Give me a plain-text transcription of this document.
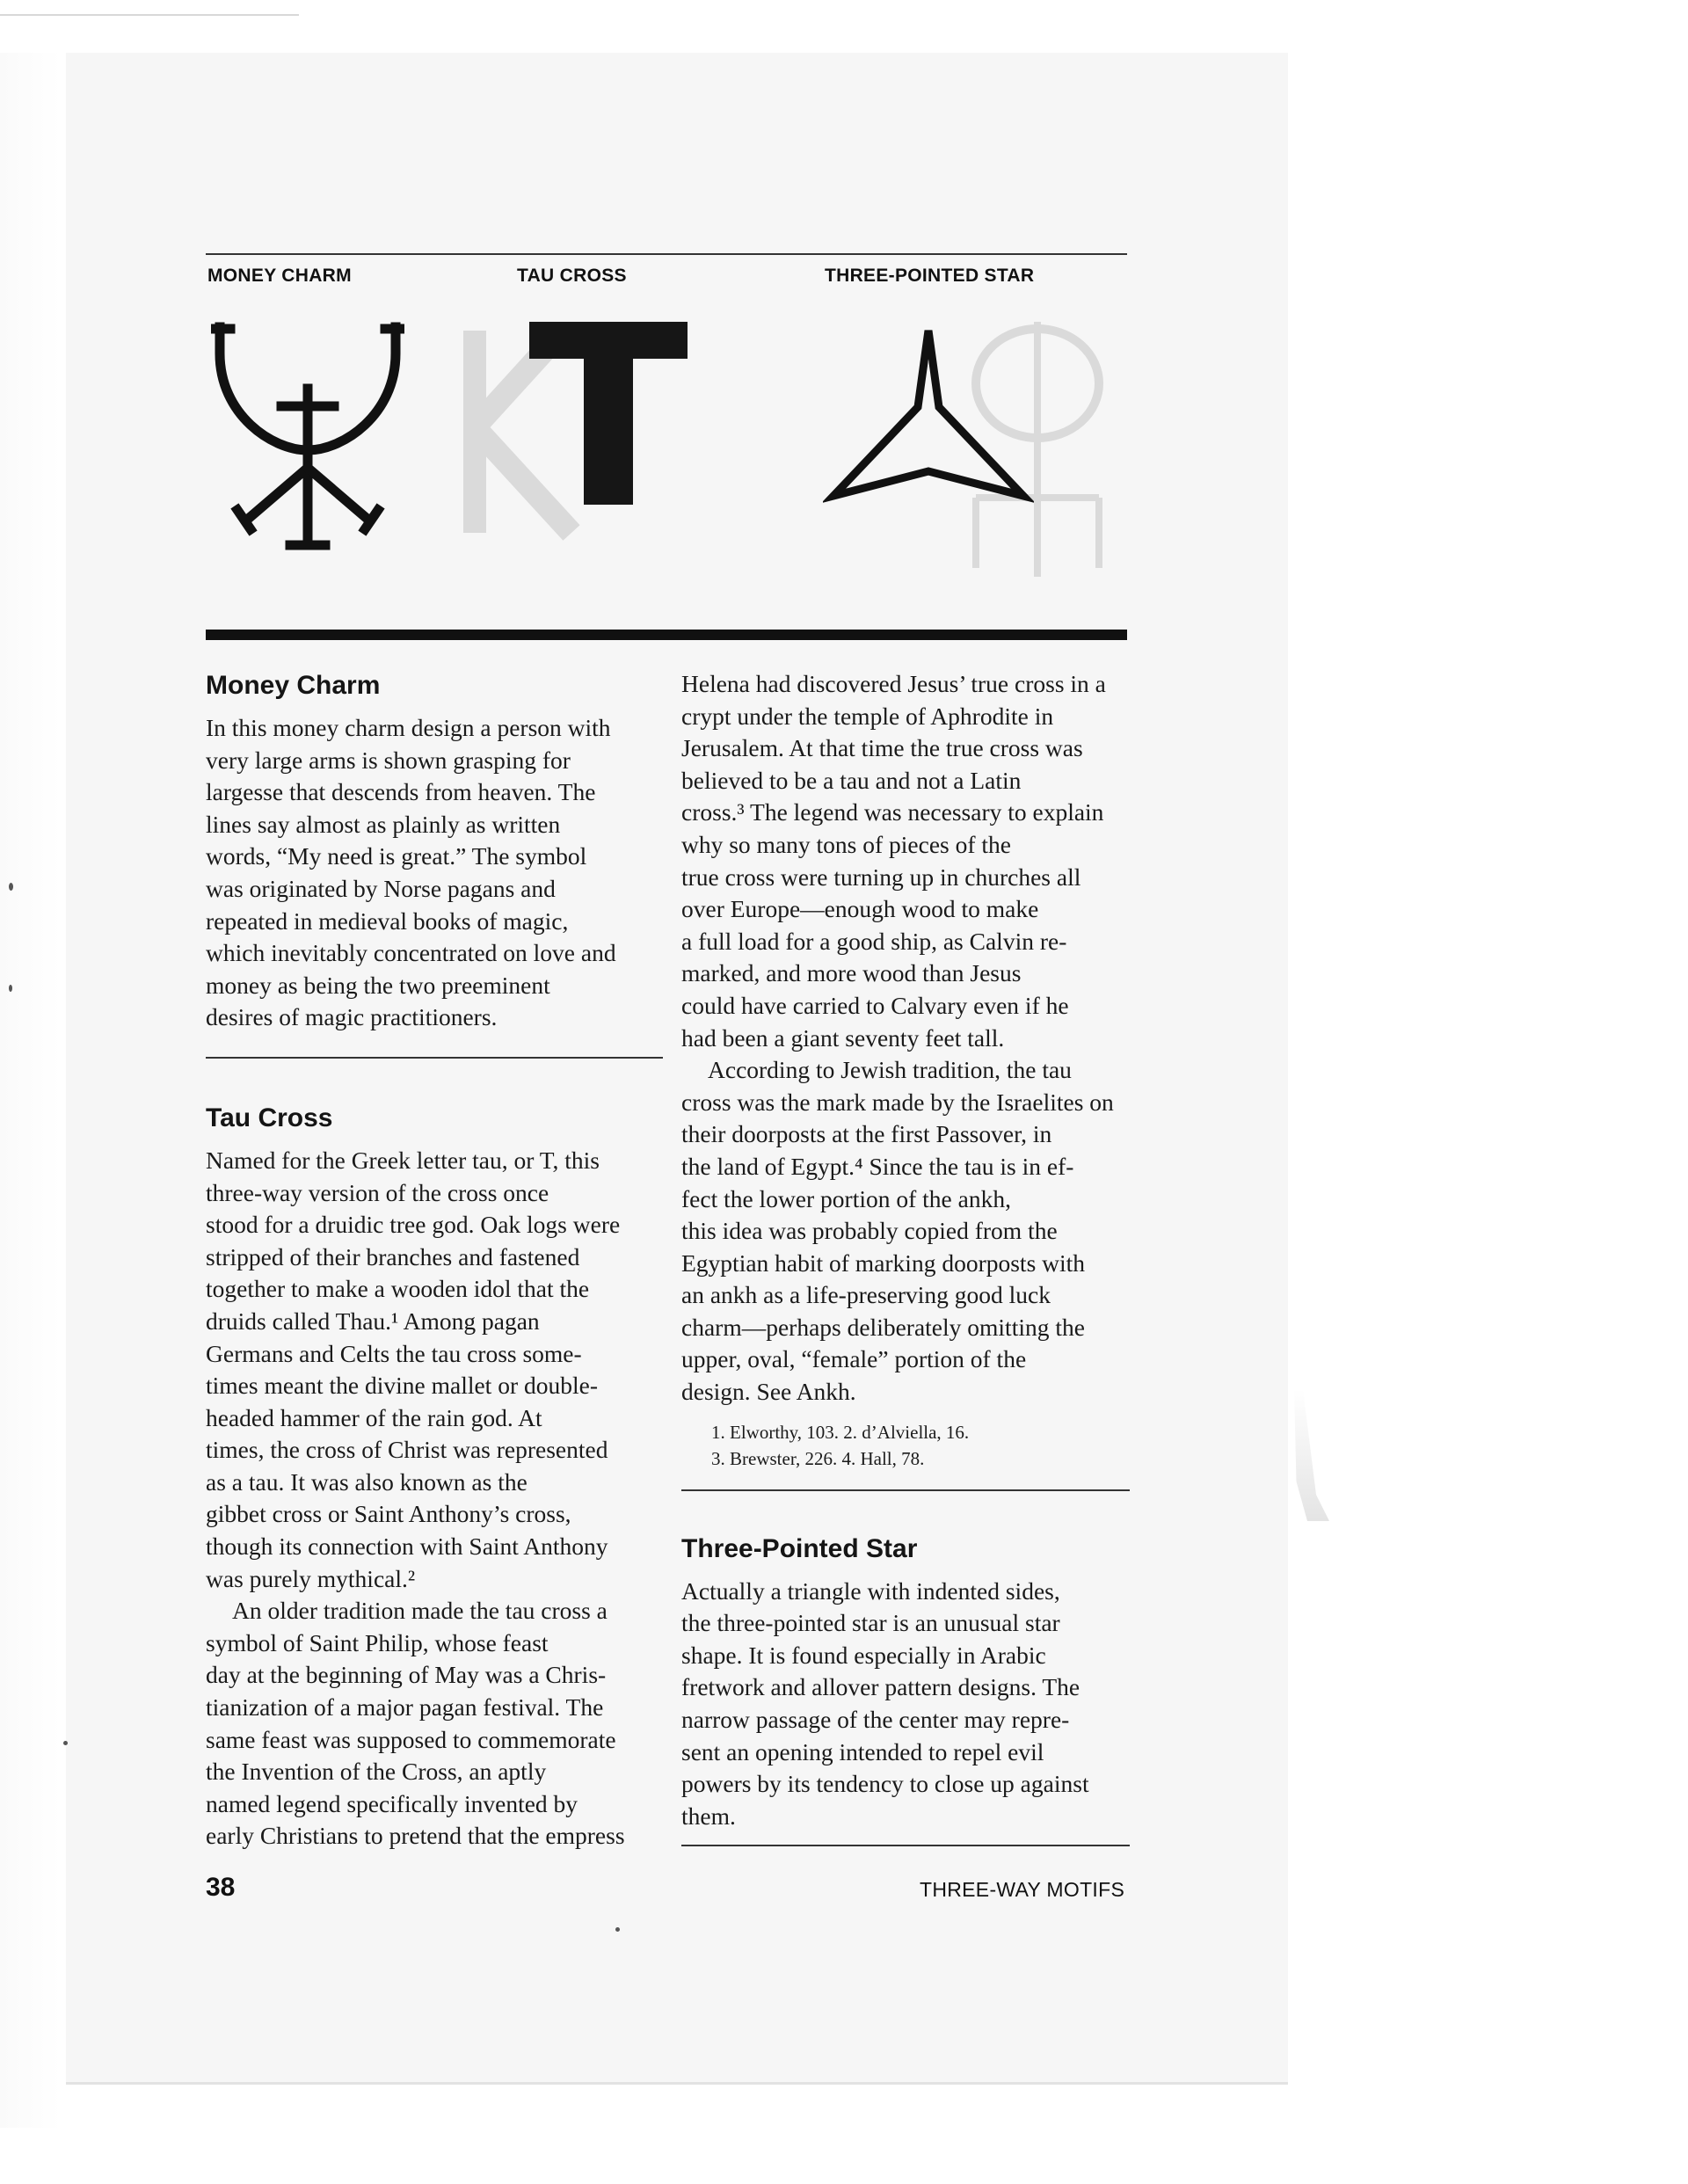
MONEY CHARM	TAU CROSS	THREE-POINTED STAR
Money Charm
In this money charm design a person with
very large arms is shown grasping for
largesse that descends from heaven. The
lines say almost as plainly as written
words, “My need is great.” The symbol
was originated by Norse pagans and
repeated in medieval books of magic,
which inevitably concentrated on love and
money as being the two preeminent
desires of magic practitioners.
Tau Cross
Named for the Greek letter tau, or T, this
three-way version of the cross once
stood for a druidic tree god. Oak logs were
stripped of their branches and fastened
together to make a wooden idol that the
druids called Thau.¹ Among pagan
Germans and Celts the tau cross some-
times meant the divine mallet or double-
headed hammer of the rain god. At
times, the cross of Christ was represented
as a tau. It was also known as the
gibbet cross or Saint Anthony’s cross,
though its connection with Saint Anthony
was purely mythical.²
An older tradition made the tau cross a
symbol of Saint Philip, whose feast
day at the beginning of May was a Chris-
tianization of a major pagan festival. The
same feast was supposed to commemorate
the Invention of the Cross, an aptly
named legend specifically invented by
early Christians to pretend that the empress
Helena had discovered Jesus’ true cross in a
crypt under the temple of Aphrodite in
Jerusalem. At that time the true cross was
believed to be a tau and not a Latin
cross.³ The legend was necessary to explain
why so many tons of pieces of the
true cross were turning up in churches all
over Europe—enough wood to make
a full load for a good ship, as Calvin re-
marked, and more wood than Jesus
could have carried to Calvary even if he
had been a giant seventy feet tall.
According to Jewish tradition, the tau
cross was the mark made by the Israelites on
their doorposts at the first Passover, in
the land of Egypt.⁴ Since the tau is in ef-
fect the lower portion of the ankh,
this idea was probably copied from the
Egyptian habit of marking doorposts with
an ankh as a life-preserving good luck
charm—perhaps deliberately omitting the
upper, oval, “female” portion of the
design. See Ankh.
1. Elworthy, 103. 2. d’Alviella, 16.
3. Brewster, 226. 4. Hall, 78.
Three-Pointed Star
Actually a triangle with indented sides,
the three-pointed star is an unusual star
shape. It is found especially in Arabic
fretwork and allover pattern designs. The
narrow passage of the center may repre-
sent an opening intended to repel evil
powers by its tendency to close up against
them.
38	THREE-WAY MOTIFS
